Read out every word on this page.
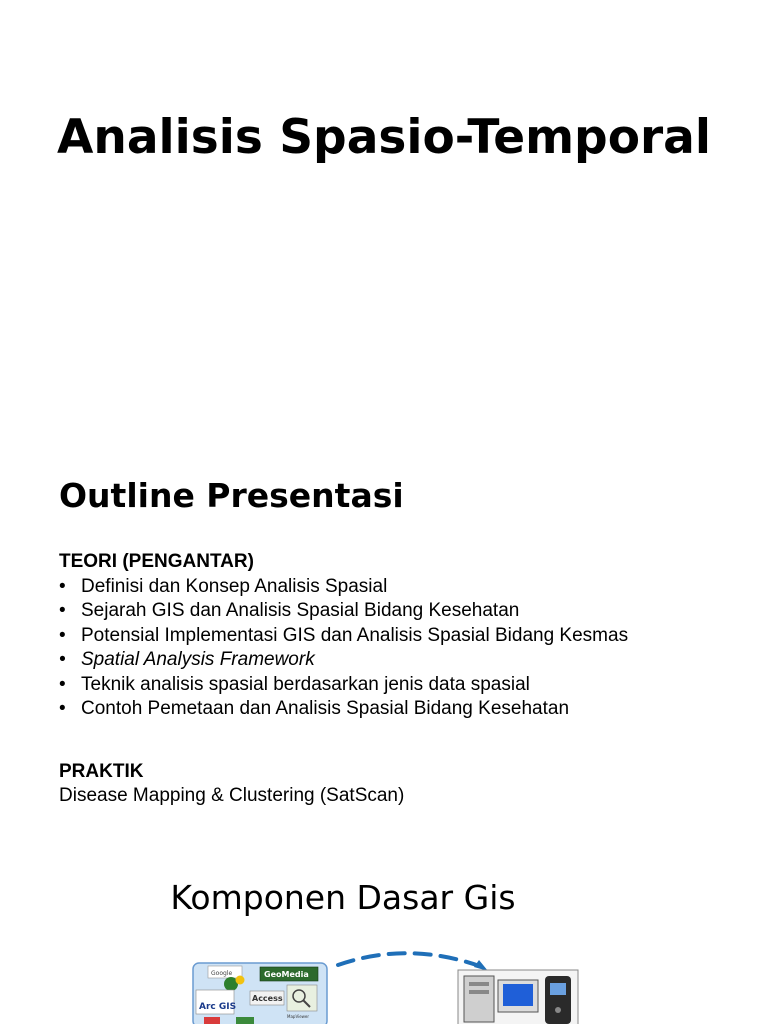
Analisis Spasio-Temporal
Outline Presentasi
TEORI (PENGANTAR)
• Definisi dan Konsep Analisis Spasial
• Sejarah GIS dan Analisis Spasial Bidang Kesehatan
• Potensial Implementasi GIS dan Analisis Spasial Bidang Kesmas
• Spatial Analysis Framework
• Teknik analisis spasial berdasarkan jenis data spasial
• Contoh Pemetaan dan Analisis Spasial Bidang Kesehatan
PRAKTIK
Disease Mapping & Clustering (SatScan)
Komponen Dasar Gis
Google	GeoMedia
Arc GIS
Access
MapViewer
